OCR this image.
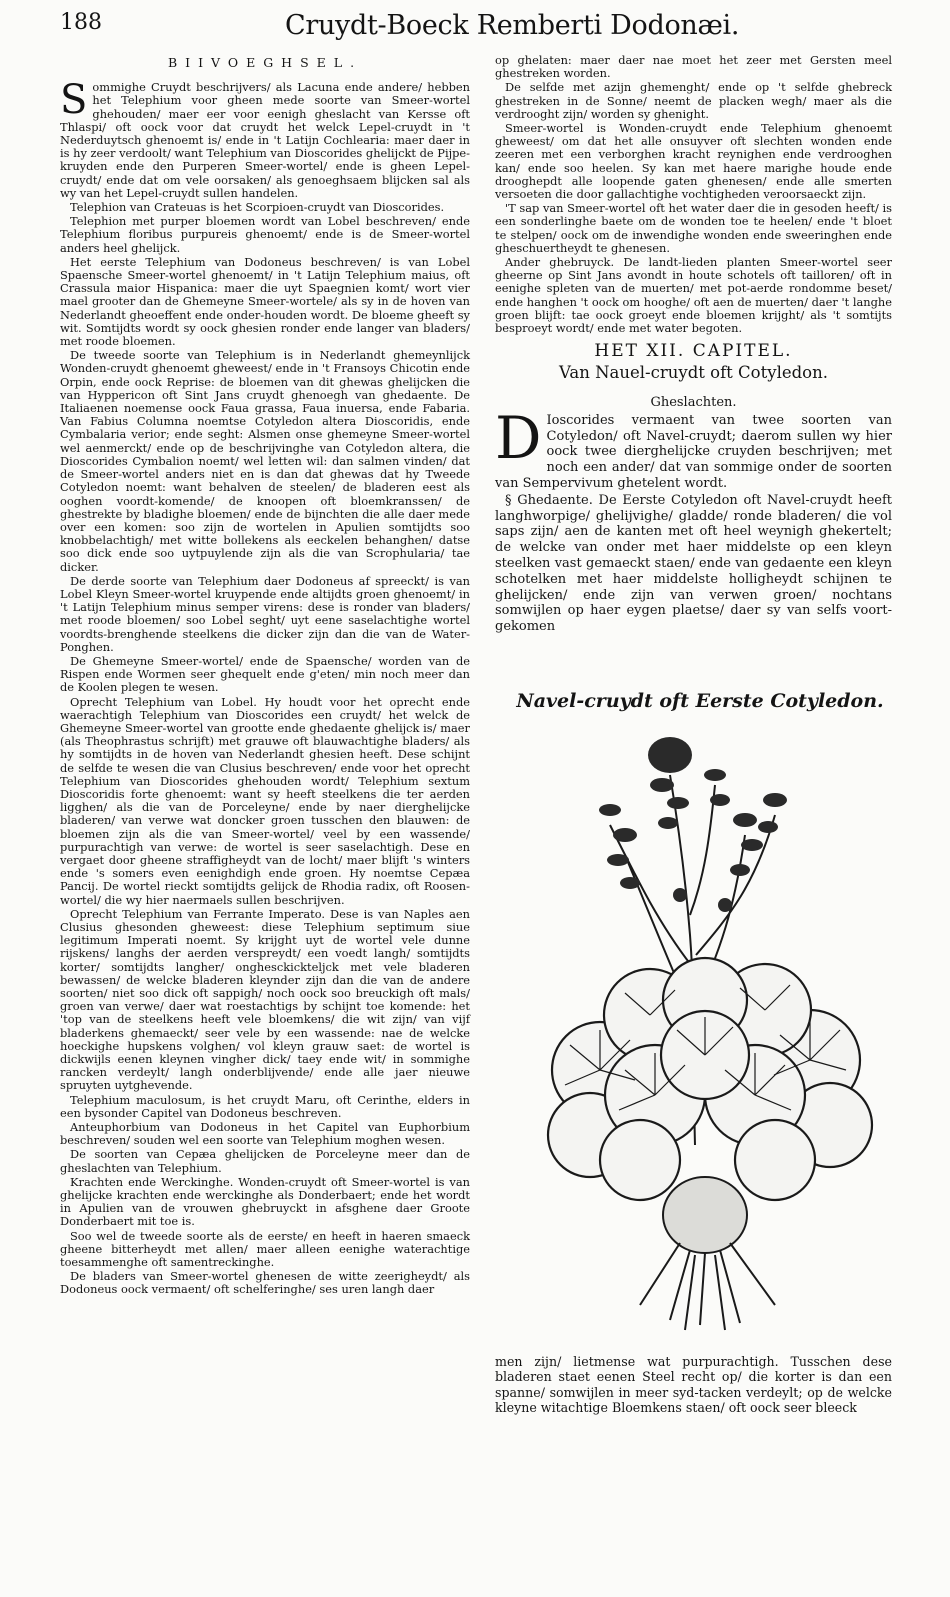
188	Cruydt-Boeck Remberti Dodonæi.
BIIVOEGHSEL.

Sommighe Cruydt beschrijvers/ als Lacuna ende andere/ hebben het Telephium voor gheen mede soorte van Smeer-wortel ghehouden/ maer eer voor eenigh gheslacht van Kersse oft Thlaspi/ oft oock voor dat cruydt het welck Lepel-cruydt in 't Nederduytsch ghenoemt is/ ende in 't Latijn Cochlearia: maer daer in is hy zeer verdoolt/ want Telephium van Dioscorides ghelijckt de Pijpe-kruyden ende den Purperen Smeer-wortel/ ende is gheen Lepel-cruydt/ ende dat om vele oorsaken/ als genoeghsaem blijcken sal als wy van het Lepel-cruydt sullen handelen.

Telephion van Crateuas is het Scorpioen-cruydt van Dioscorides.

Telephion met purper bloemen wordt van Lobel beschreven/ ende Telephium floribus purpureis ghenoemt/ ende is de Smeer-wortel anders heel ghelijck.

Het eerste Telephium van Dodoneus beschreven/ is van Lobel Spaensche Smeer-wortel ghenoemt/ in 't Latijn Telephium maius, oft Crassula maior Hispanica: maer die uyt Spaegnien komt/ wort vier mael grooter dan de Ghemeyne Smeer-wortele/ als sy in de hoven van Nederlandt gheoeffent ende onder-houden wordt. De bloeme gheeft sy wit. Somtijdts wordt sy oock ghesien ronder ende langer van bladers/ met roode bloemen.

De tweede soorte van Telephium is in Nederlandt ghemeynlijck Wonden-cruydt ghenoemt gheweest/ ende in 't Fransoys Chicotin ende Orpin, ende oock Reprise: de bloemen van dit ghewas ghelijcken die van Hyppericon oft Sint Jans cruydt ghenoegh van ghedaente. De Italiaenen noemense oock Faua grassa, Faua inuersa, ende Fabaria. Van Fabius Columna noemtse Cotyledon altera Dioscoridis, ende Cymbalaria verior; ende seght: Alsmen onse ghemeyne Smeer-wortel wel aenmerckt/ ende op de beschrijvinghe van Cotyledon altera, die Dioscorides Cymbalion noemt/ wel letten wil: dan salmen vinden/ dat de Smeer-wortel anders niet en is dan dat ghewas dat hy Tweede Cotyledon noemt: want behalven de steelen/ de bladeren eest als ooghen voordt-komende/ de knoopen oft bloemkranssen/ de ghestrekte by bladighe bloemen/ ende de bijnchten die alle daer mede over een komen: soo zijn de wortelen in Apulien somtijdts soo knobbelachtigh/ met witte bollekens als eeckelen behanghen/ datse soo dick ende soo uytpuylende zijn als die van Scrophularia/ tae dicker.

De derde soorte van Telephium daer Dodoneus af spreeckt/ is van Lobel Kleyn Smeer-wortel kruypende ende altijdts groen ghenoemt/ in 't Latijn Telephium minus semper virens: dese is ronder van bladers/ met roode bloemen/ soo Lobel seght/ uyt eene saselachtighe wortel voordts-brenghende steelkens die dicker zijn dan die van de Water-Ponghen.

De Ghemeyne Smeer-wortel/ ende de Spaensche/ worden van de Rispen ende Wormen seer ghequelt ende g'eten/ min noch meer dan de Koolen plegen te wesen.

Oprecht Telephium van Lobel. Hy houdt voor het oprecht ende waerachtigh Telephium van Dioscorides een cruydt/ het welck de Ghemeyne Smeer-wortel van grootte ende ghedaente ghelijck is/ maer (als Theophrastus schrijft) met grauwe oft blauwachtighe bladers/ als hy somtijdts in de hoven van Nederlandt ghesien heeft. Dese schijnt de selfde te wesen die van Clusius beschreven/ ende voor het oprecht Telephium van Dioscorides ghehouden wordt/ Telephium sextum Dioscoridis forte ghenoemt: want sy heeft steelkens die ter aerden ligghen/ als die van de Porceleyne/ ende by naer dierghelijcke bladeren/ van verwe wat doncker groen tusschen den blauwen: de bloemen zijn als die van Smeer-wortel/ veel by een wassende/ purpurachtigh van verwe: de wortel is seer saselachtigh. Dese en vergaet door gheene straffigheydt van de locht/ maer blijft 's winters ende 's somers even eenighdigh ende groen. Hy noemtse Cepæa Pancij. De wortel rieckt somtijdts gelijck de Rhodia radix, oft Roosen-wortel/ die wy hier naermaels sullen beschrijven.

Oprecht Telephium van Ferrante Imperato. Dese is van Naples aen Clusius ghesonden gheweest: diese Telephium septimum siue legitimum Imperati noemt. Sy krijght uyt de wortel vele dunne rijskens/ langhs der aerden verspreydt/ een voedt langh/ somtijdts korter/ somtijdts langher/ onghesckickteljck met vele bladeren bewassen/ de welcke bladeren kleynder zijn dan die van de andere soorten/ niet soo dick oft sappigh/ noch oock soo breuckigh oft mals/ groen van verwe/ daer wat roestachtigs by schijnt toe komende: het 'top van de steelkens heeft vele bloemkens/ die wit zijn/ van vijf bladerkens ghemaeckt/ seer vele by een wassende: nae de welcke hoeckighe hupskens volghen/ vol kleyn grauw saet: de wortel is dickwijls eenen kleynen vingher dick/ taey ende wit/ in sommighe rancken verdeylt/ langh onderblijvende/ ende alle jaer nieuwe spruyten uytghevende.

Telephium maculosum, is het cruydt Maru, oft Cerinthe, elders in een bysonder Capitel van Dodoneus beschreven.

Anteuphorbium van Dodoneus in het Capitel van Euphorbium beschreven/ souden wel een soorte van Telephium moghen wesen.

De soorten van Cepæa ghelijcken de Porceleyne meer dan de gheslachten van Telephium.

Krachten ende Werckinghe. Wonden-cruydt oft Smeer-wortel is van ghelijcke krachten ende werckinghe als Donderbaert; ende het wordt in Apulien van de vrouwen ghebruyckt in afsghene daer Groote Donderbaert mit toe is.

Soo wel de tweede soorte als de eerste/ en heeft in haeren smaeck gheene bitterheydt met allen/ maer alleen eenighe waterachtige toesammenghe oft samentreckinghe.

De bladers van Smeer-wortel ghenesen de witte zeerigheydt/ als Dodoneus oock vermaent/ oft schelferinghe/ ses uren langh daer

op ghelaten: maer daer nae moet het zeer met Gersten meel ghestreken worden.

De selfde met azijn ghemenght/ ende op 't selfde ghebreck ghestreken in de Sonne/ neemt de placken wegh/ maer als die verdrooght zijn/ worden sy ghenight.

Smeer-wortel is Wonden-cruydt ende Telephium ghenoemt gheweest/ om dat het alle onsuyver oft slechten wonden ende zeeren met een verborghen kracht reynighen ende verdrooghen kan/ ende soo heelen. Sy kan met haere marighe houde ende drooghepdt alle loopende gaten ghenesen/ ende alle smerten versoeten die door gallachtighe vochtigheden veroorsaeckt zijn.

'T sap van Smeer-wortel oft het water daer die in gesoden heeft/ is een sonderlinghe baete om de wonden toe te heelen/ ende 't bloet te stelpen/ oock om de inwendighe wonden ende sweeringhen ende gheschuertheydt te ghenesen.

Ander ghebruyck. De landt-lieden planten Smeer-wortel seer gheerne op Sint Jans avondt in houte schotels oft tailloren/ oft in eenighe spleten van de muerten/ met pot-aerde rondomme beset/ ende hanghen 't oock om hooghe/ oft aen de muerten/ daer 't langhe groen blijft: tae oock groeyt ende bloemen krijght/ als 't somtijts besproeyt wordt/ ende met water begoten.

HET XII. CAPITEL.
Van Nauel-cruydt oft Cotyledon.
Gheslachten.

D Ioscorides vermaent van twee soorten van Cotyledon/ oft Navel-cruydt; daerom sullen wy hier oock twee dierghelijcke cruyden beschrijven; met noch een ander/ dat van sommige onder de soorten van Sempervivum ghetelent wordt.

§ Ghedaente. De Eerste Cotyledon oft Navel-cruydt heeft langhworpige/ ghelijvighe/ gladde/ ronde bladeren/ die vol saps zijn/ aen de kanten met oft heel weynigh ghekertelt; de welcke van onder met haer middelste op een kleyn steelken vast gemaeckt staen/ ende van gedaente een kleyn schotelken met haer middelste holligheydt schijnen te ghelijcken/ ende zijn van verwen groen/ nochtans somwijlen op haer eygen plaetse/ daer sy van selfs voort-gekomen

Navel-cruydt oft Eerste Cotyledon.
men zijn/ lietmense wat purpurachtigh. Tusschen dese bladeren staet eenen Steel recht op/ die korter is dan een spanne/ somwijlen in meer syd-tacken verdeylt; op de welcke kleyne witachtige Bloemkens staen/ oft oock seer bleeck
